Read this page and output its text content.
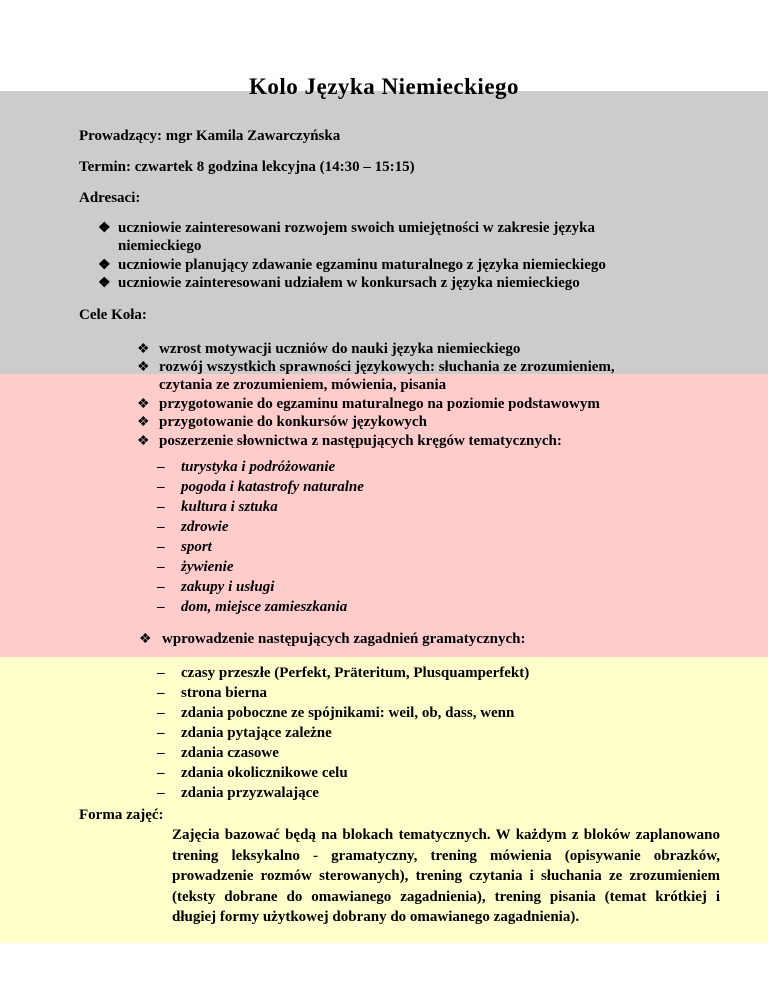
Kolo Języka Niemieckiego
Prowadzący: mgr Kamila Zawarczyńska
Termin: czwartek 8 godzina lekcyjna (14:30 – 15:15)
Adresaci:
❖ uczniowie zainteresowani rozwojem swoich umiejętności w zakresie języka
niemieckiego
❖ uczniowie planujący zdawanie egzaminu maturalnego z języka niemieckiego
❖ uczniowie zainteresowani udziałem w konkursach z języka niemieckiego
Cele Koła:
❖ wzrost motywacji uczniów do nauki języka niemieckiego
❖ rozwój wszystkich sprawności językowych: słuchania ze zrozumieniem,
czytania ze zrozumieniem, mówienia, pisania
❖ przygotowanie do egzaminu maturalnego na poziomie podstawowym
❖ przygotowanie do konkursów językowych
❖ poszerzenie słownictwa z następujących kręgów tematycznych:
– turystyka i podróżowanie
– pogoda i katastrofy naturalne
– kultura i sztuka
– zdrowie
– sport
– żywienie
– zakupy i usługi
– dom, miejsce zamieszkania
❖ wprowadzenie następujących zagadnień gramatycznych:
– czasy przeszłe (Perfekt, Präteritum, Plusquamperfekt)
– strona bierna
– zdania poboczne ze spójnikami: weil, ob, dass, wenn
– zdania pytające zależne
– zdania czasowe
– zdania okolicznikowe celu
– zdania przyzwalające
Forma zajęć:
Zajęcia bazować będą na blokach tematycznych. W każdym z bloków zaplanowano trening leksykalno - gramatyczny, trening mówienia (opisywanie obrazków, prowadzenie rozmów sterowanych), trening czytania i słuchania ze zrozumieniem (teksty dobrane do omawianego zagadnienia), trening pisania (temat krótkiej i długiej formy użytkowej dobrany do omawianego zagadnienia).
